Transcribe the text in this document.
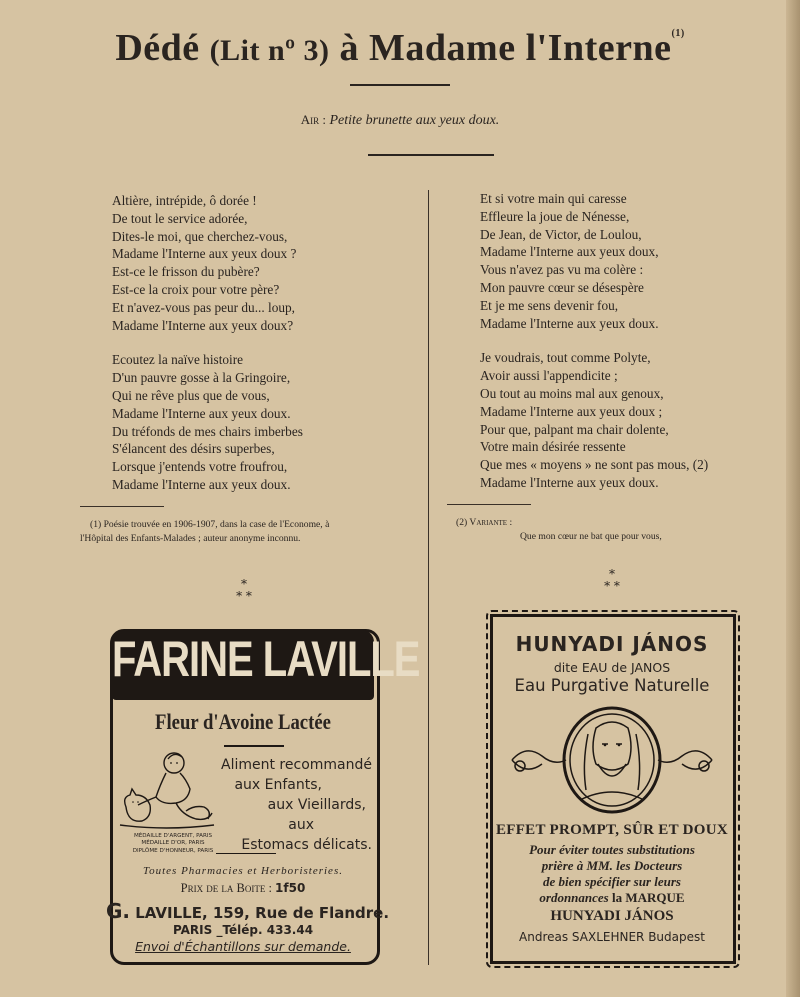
Dédé (Lit nº 3) à Madame l'Interne$^{(1)}$
Air : Petite brunette aux yeux doux.
Altière, intrépide, ô dorée !
De tout le service adorée,
Dites-le moi, que cherchez-vous,
Madame l'Interne aux yeux doux ?
Est-ce le frisson du pubère?
Est-ce la croix pour votre père?
Et n'avez-vous pas peur du... loup,
Madame l'Interne aux yeux doux?
Ecoutez la naïve histoire
D'un pauvre gosse à la Gringoire,
Qui ne rêve plus que de vous,
Madame l'Interne aux yeux doux.
Du tréfonds de mes chairs imberbes
S'élancent des désirs superbes,
Lorsque j'entends votre froufrou,
Madame l'Interne aux yeux doux.
Et si votre main qui caresse
Effleure la joue de Nénesse,
De Jean, de Victor, de Loulou,
Madame l'Interne aux yeux doux,
Vous n'avez pas vu ma colère :
Mon pauvre cœur se désespère
Et je me sens devenir fou,
Madame l'Interne aux yeux doux.
Je voudrais, tout comme Polyte,
Avoir aussi l'appendicite ;
Ou tout au moins mal aux genoux,
Madame l'Interne aux yeux doux ;
Pour que, palpant ma chair dolente,
Votre main désirée ressente
Que mes « moyens » ne sont pas mous, (2)
Madame l'Interne aux yeux doux.
(1) Poésie trouvée en 1906-1907, dans la case de l'Econome, à
l'Hôpital des Enfants-Malades ; auteur anonyme inconnu.
(2) Variante :
Que mon cœur ne bat que pour vous,
*
* *
*
* *
FARINE LAVILLE
Fleur d'Avoine Lactée
Aliment recommandé
aux Enfants,
aux Vieillards,
aux
Estomacs délicats.
MÉDAILLE D'ARGENT, PARIS
MÉDAILLE D'OR, PARIS
DIPLÔME D'HONNEUR, PARIS
Toutes Pharmacies et Herboristeries.
Prix de la Boite : 1f50
G. LAVILLE, 159, Rue de Flandre.
PARIS _Télép. 433.44
Envoi d'Échantillons sur demande.
HUNYADI JÁNOS
dite EAU de JANOS
Eau Purgative Naturelle
EFFET PROMPT, SÛR ET DOUX
Pour éviter toutes substitutions
prière à MM. les Docteurs
de bien spécifier sur leurs
ordonnances la MARQUE
HUNYADI JÁNOS
Andreas SAXLEHNER Budapest
